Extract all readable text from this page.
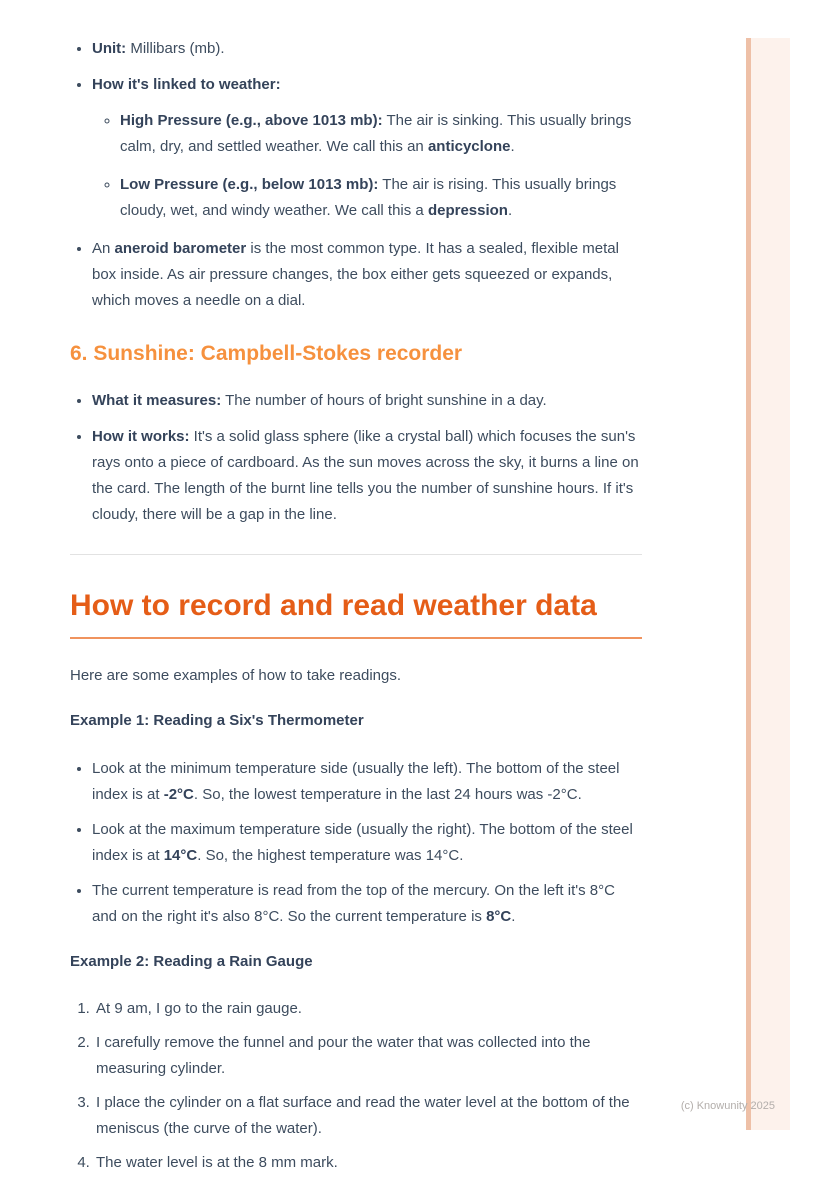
• Unit: Millibars (mb).
• How it's linked to weather:
◦ High Pressure (e.g., above 1013 mb): The air is sinking. This usually brings calm, dry, and settled weather. We call this an anticyclone.
◦ Low Pressure (e.g., below 1013 mb): The air is rising. This usually brings cloudy, wet, and windy weather. We call this a depression.
• An aneroid barometer is the most common type. It has a sealed, flexible metal box inside. As air pressure changes, the box either gets squeezed or expands, which moves a needle on a dial.
6. Sunshine: Campbell-Stokes recorder
• What it measures: The number of hours of bright sunshine in a day.
• How it works: It's a solid glass sphere (like a crystal ball) which focuses the sun's rays onto a piece of cardboard. As the sun moves across the sky, it burns a line on the card. The length of the burnt line tells you the number of sunshine hours. If it's cloudy, there will be a gap in the line.
How to record and read weather data

Here are some examples of how to take readings.

Example 1: Reading a Six's Thermometer

• Look at the minimum temperature side (usually the left). The bottom of the steel index is at -2°C. So, the lowest temperature in the last 24 hours was -2°C.
• Look at the maximum temperature side (usually the right). The bottom of the steel index is at 14°C. So, the highest temperature was 14°C.
• The current temperature is read from the top of the mercury. On the left it's 8°C and on the right it's also 8°C. So the current temperature is 8°C.

Example 2: Reading a Rain Gauge

1. At 9 am, I go to the rain gauge.
2. I carefully remove the funnel and pour the water that was collected into the measuring cylinder.
3. I place the cylinder on a flat surface and read the water level at the bottom of the meniscus (the curve of the water).
4. The water level is at the 8 mm mark.
(c) Knowunity 2025
